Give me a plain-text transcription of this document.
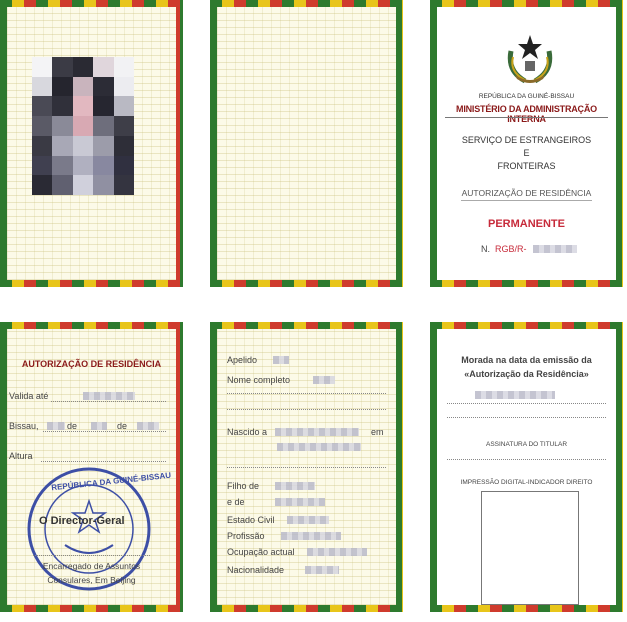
REPÚBLICA DA GUINÉ-BISSAU
MINISTÉRIO DA ADMINISTRAÇÃO INTERNA
SERVIÇO DE ESTRANGEIROS
E
FRONTEIRAS
AUTORIZAÇÃO DE RESIDÊNCIA
PERMANENTE
N. RGB/R-
AUTORIZAÇÃO DE RESIDÊNCIA
Valida até
Bissau,	de	de
Altura
REPÚBLICA DA GUINÉ-BISSAU
O Director-Geral
Encarregado de Assuntos
Consulares, Em Beijing
Apelido
Nome completo
Nascido a	em
Filho de
e de
Estado Civil
Profissão
Ocupação actual
Nacionalidade
Morada na data da emissão da
«Autorização da Residência»
ASSINATURA DO TITULAR
IMPRESSÃO DIGITAL-INDICADOR DIREITO
